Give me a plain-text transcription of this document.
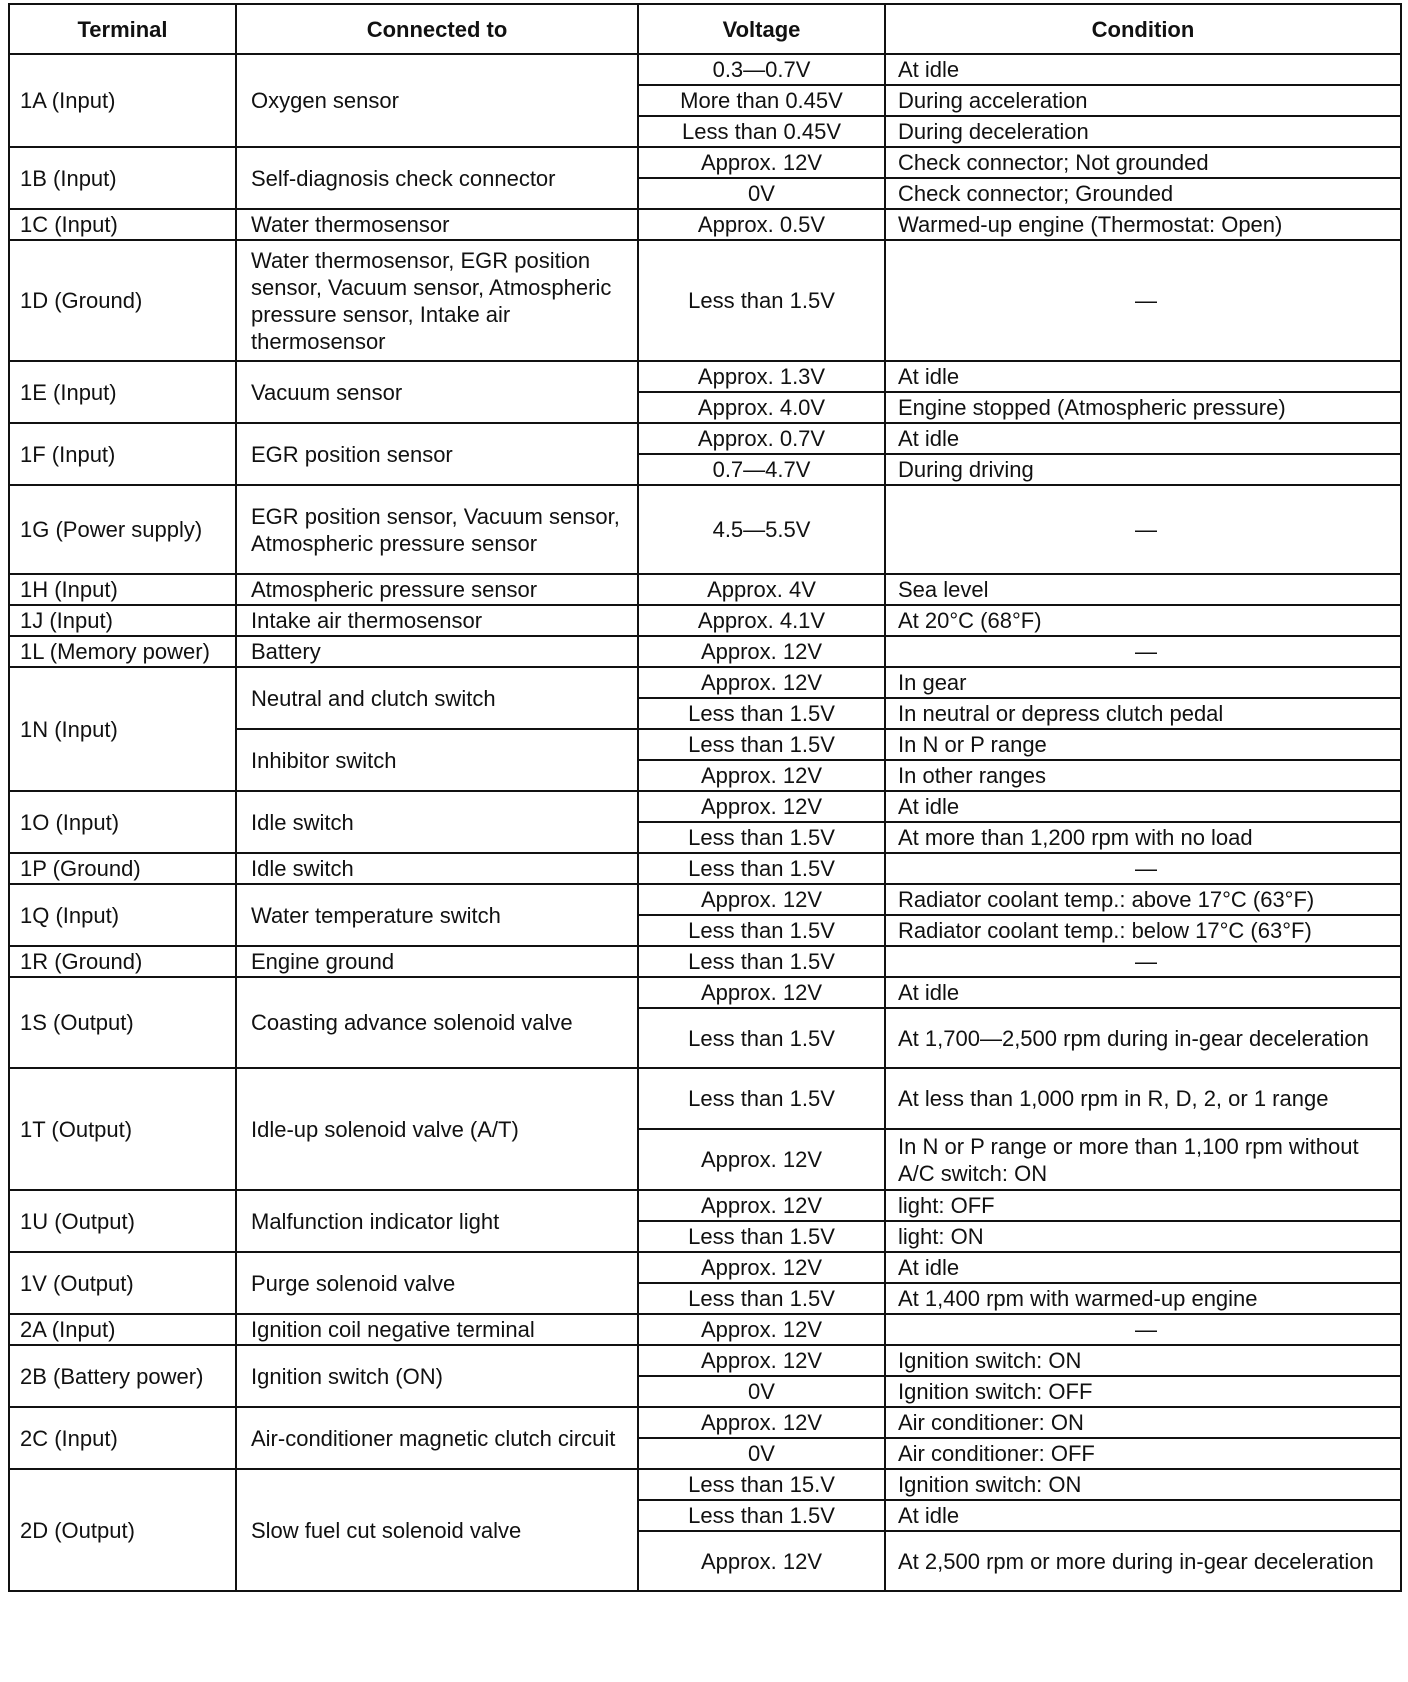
Terminal	Connected to	Voltage	Condition
1A (Input)	Oxygen sensor	0.3—0.7V	At idle
		More than 0.45V	During acceleration
		Less than 0.45V	During deceleration
1B (Input)	Self-diagnosis check connector	Approx. 12V	Check connector; Not grounded
		0V	Check connector; Grounded
1C (Input)	Water thermosensor	Approx. 0.5V	Warmed-up engine (Thermostat: Open)
1D (Ground)	Water thermosensor, EGR position sensor, Vacuum sensor, Atmospheric pressure sensor, Intake air thermosensor	Less than 1.5V	—
1E (Input)	Vacuum sensor	Approx. 1.3V	At idle
		Approx. 4.0V	Engine stopped (Atmospheric pressure)
1F (Input)	EGR position sensor	Approx. 0.7V	At idle
		0.7—4.7V	During driving
1G (Power supply)	EGR position sensor, Vacuum sensor, Atmospheric pressure sensor	4.5—5.5V	—
1H (Input)	Atmospheric pressure sensor	Approx. 4V	Sea level
1J (Input)	Intake air thermosensor	Approx. 4.1V	At 20°C (68°F)
1L (Memory power)	Battery	Approx. 12V	—
1N (Input)	Neutral and clutch switch	Approx. 12V	In gear
		Less than 1.5V	In neutral or depress clutch pedal
	Inhibitor switch	Less than 1.5V	In N or P range
		Approx. 12V	In other ranges
1O (Input)	Idle switch	Approx. 12V	At idle
		Less than 1.5V	At more than 1,200 rpm with no load
1P (Ground)	Idle switch	Less than 1.5V	—
1Q (Input)	Water temperature switch	Approx. 12V	Radiator coolant temp.: above 17°C (63°F)
		Less than 1.5V	Radiator coolant temp.: below 17°C (63°F)
1R (Ground)	Engine ground	Less than 1.5V	—
1S (Output)	Coasting advance solenoid valve	Approx. 12V	At idle
		Less than 1.5V	At 1,700—2,500 rpm during in-gear deceleration
1T (Output)	Idle-up solenoid valve (A/T)	Less than 1.5V	At less than 1,000 rpm in R, D, 2, or 1 range
		Approx. 12V	In N or P range or more than 1,100 rpm without A/C switch: ON
1U (Output)	Malfunction indicator light	Approx. 12V	light: OFF
		Less than 1.5V	light: ON
1V (Output)	Purge solenoid valve	Approx. 12V	At idle
		Less than 1.5V	At 1,400 rpm with warmed-up engine
2A (Input)	Ignition coil negative terminal	Approx. 12V	—
2B (Battery power)	Ignition switch (ON)	Approx. 12V	Ignition switch: ON
		0V	Ignition switch: OFF
2C (Input)	Air-conditioner magnetic clutch circuit	Approx. 12V	Air conditioner: ON
		0V	Air conditioner: OFF
2D (Output)	Slow fuel cut solenoid valve	Less than 15.V	Ignition switch: ON
		Less than 1.5V	At idle
		Approx. 12V	At 2,500 rpm or more during in-gear deceleration
